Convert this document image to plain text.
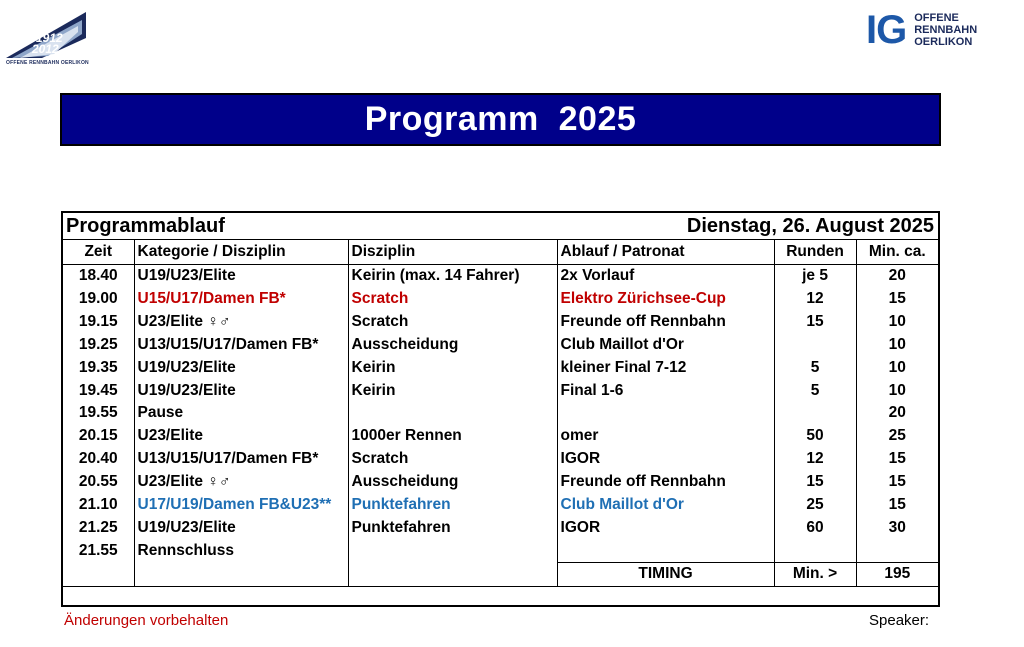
1912
2012
OFFENE RENNBAHN OERLIKON
IG OFFENE
RENNBAHN
OERLIKON
Programm  2025
Programmablauf			Dienstag, 26. August 2025		
Zeit	Kategorie / Disziplin	Disziplin	Ablauf / Patronat	Runden	Min. ca.
18.40	U19/U23/Elite	Keirin (max. 14 Fahrer)	2x Vorlauf	je 5	20
19.00	U15/U17/Damen FB*	Scratch	Elektro Zürichsee-Cup	12	15
19.15	U23/Elite ♀♂	Scratch	Freunde off Rennbahn	15	10
19.25	U13/U15/U17/Damen FB*	Ausscheidung	Club Maillot d'Or		10
19.35	U19/U23/Elite	Keirin	kleiner Final 7-12	5	10
19.45	U19/U23/Elite	Keirin	Final 1-6	5	10
19.55	Pause				20
20.15	U23/Elite	1000er Rennen	omer	50	25
20.40	U13/U15/U17/Damen FB*	Scratch	IGOR	12	15
20.55	U23/Elite ♀♂	Ausscheidung	Freunde off Rennbahn	15	15
21.10	U17/U19/Damen FB&U23**	Punktefahren	Club Maillot d'Or	25	15
21.25	U19/U23/Elite	Punktefahren	IGOR	60	30
21.55	Rennschluss				
			TIMING	Min. >	195

Änderungen vorbehalten	Speaker:
